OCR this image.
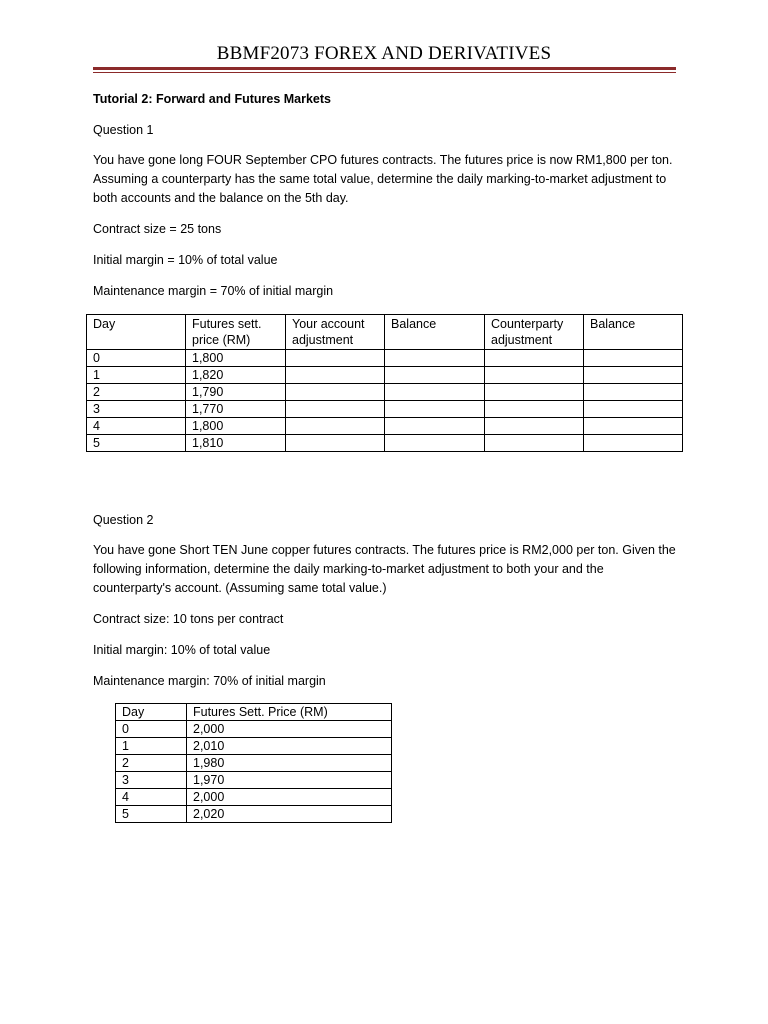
BBMF2073 FOREX AND DERIVATIVES

Tutorial 2: Forward and Futures Markets

Question 1

You have gone long FOUR September CPO futures contracts. The futures price is now RM1,800 per ton. Assuming a counterparty has the same total value, determine the daily marking-to-market adjustment to both accounts and the balance on the 5th day.

Contract size = 25 tons

Initial margin = 10% of total value

Maintenance margin = 70% of initial margin

Day	Futures sett. price (RM)	Your account adjustment	Balance	Counterparty adjustment	Balance
0	1,800				
1	1,820				
2	1,790				
3	1,770				
4	1,800				
5	1,810				

Question 2

You have gone Short TEN June copper futures contracts. The futures price is RM2,000 per ton. Given the following information, determine the daily marking-to-market adjustment to both your and the counterparty's account. (Assuming same total value.)

Contract size: 10 tons per contract

Initial margin: 10% of total value

Maintenance margin: 70% of initial margin

Day	Futures Sett. Price (RM)
0	2,000
1	2,010
2	1,980
3	1,970
4	2,000
5	2,020
